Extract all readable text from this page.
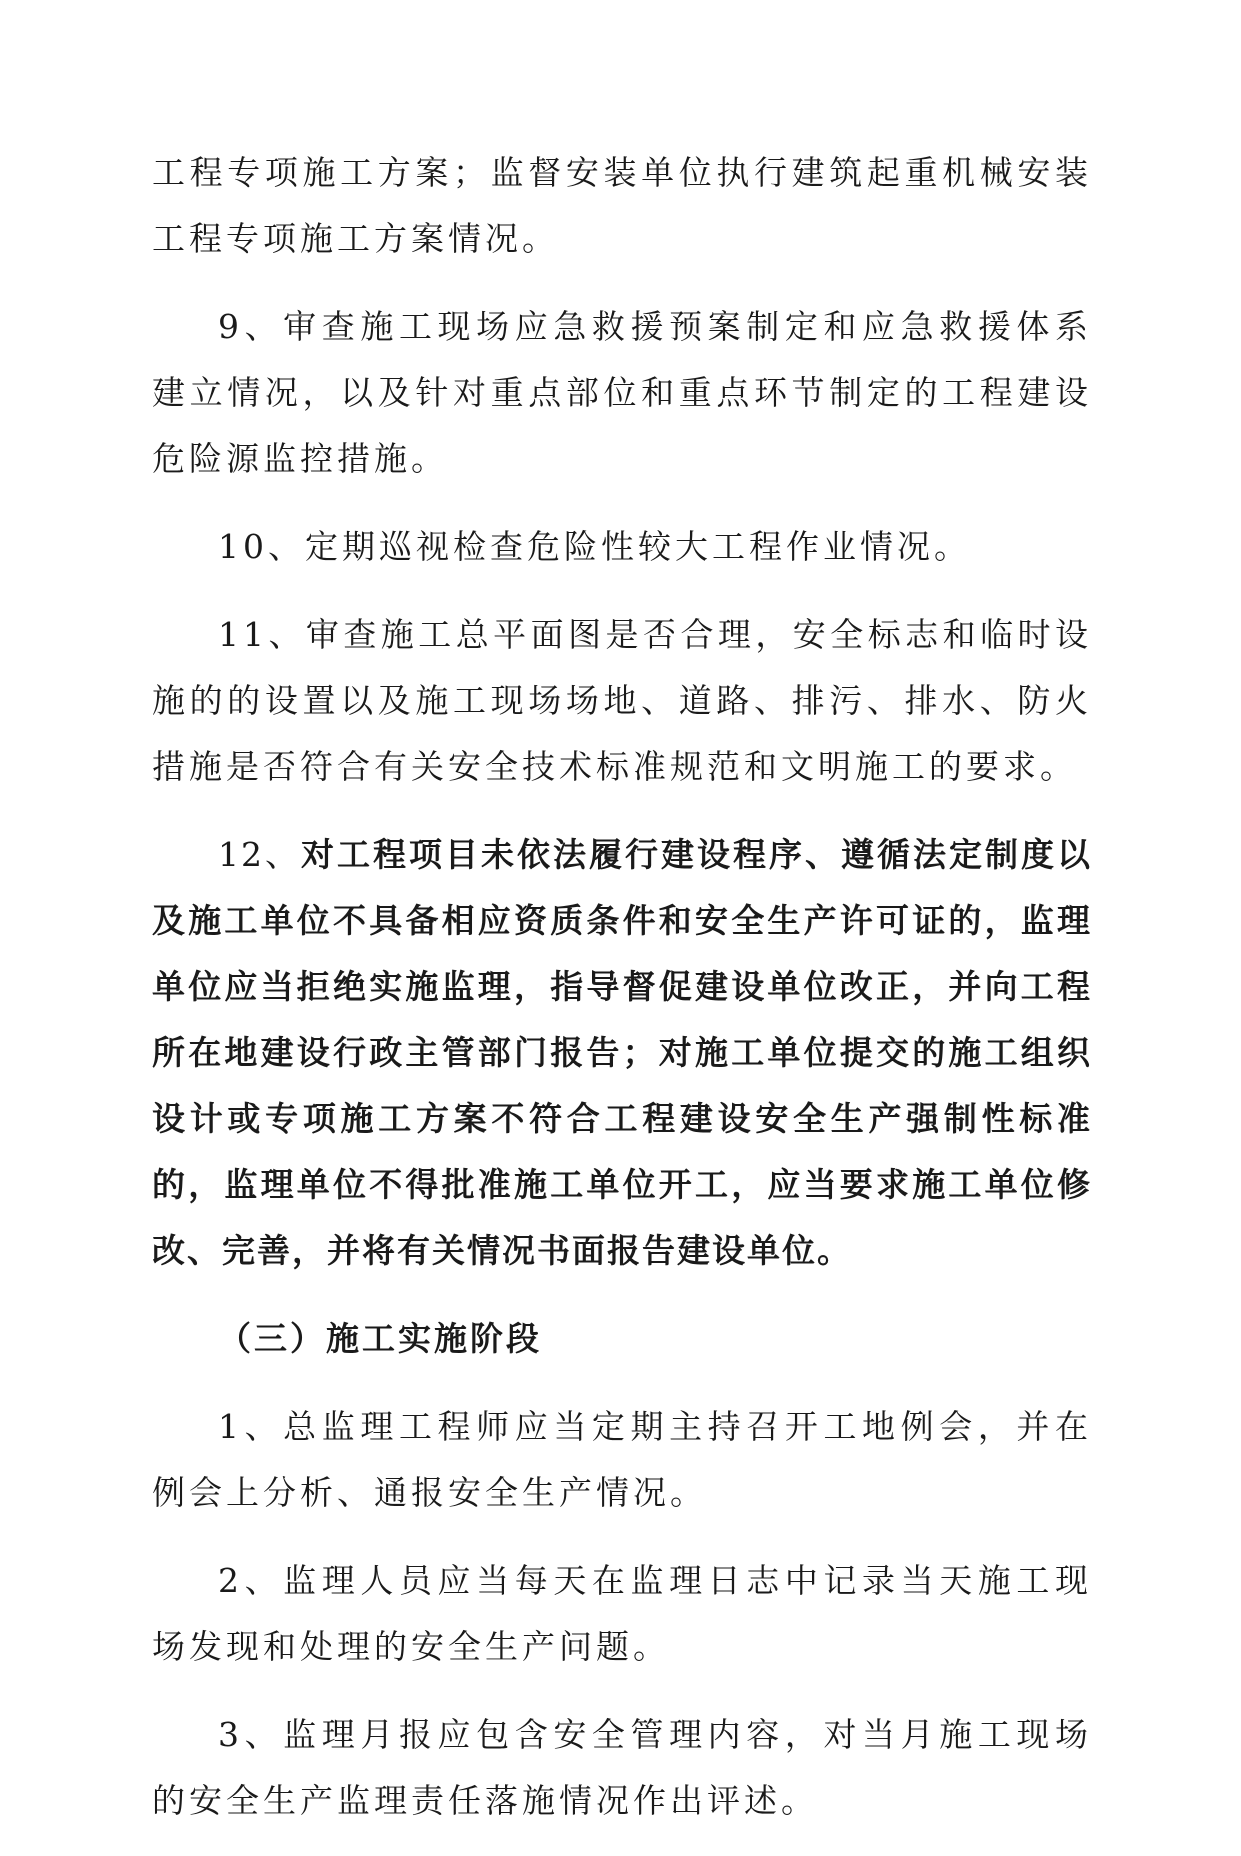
工程专项施工方案；监督安装单位执行建筑起重机械安装工程专项施工方案情况。

9、审查施工现场应急救援预案制定和应急救援体系建立情况，以及针对重点部位和重点环节制定的工程建设危险源监控措施。

10、定期巡视检查危险性较大工程作业情况。

11、审查施工总平面图是否合理，安全标志和临时设施的的设置以及施工现场场地、道路、排污、排水、防火措施是否符合有关安全技术标准规范和文明施工的要求。

12、对工程项目未依法履行建设程序、遵循法定制度以及施工单位不具备相应资质条件和安全生产许可证的，监理单位应当拒绝实施监理，指导督促建设单位改正，并向工程所在地建设行政主管部门报告；对施工单位提交的施工组织设计或专项施工方案不符合工程建设安全生产强制性标准的，监理单位不得批准施工单位开工，应当要求施工单位修改、完善，并将有关情况书面报告建设单位。

（三）施工实施阶段

1、总监理工程师应当定期主持召开工地例会，并在例会上分析、通报安全生产情况。

2、监理人员应当每天在监理日志中记录当天施工现场发现和处理的安全生产问题。

3、监理月报应包含安全管理内容，对当月施工现场的安全生产监理责任落施情况作出评述。
